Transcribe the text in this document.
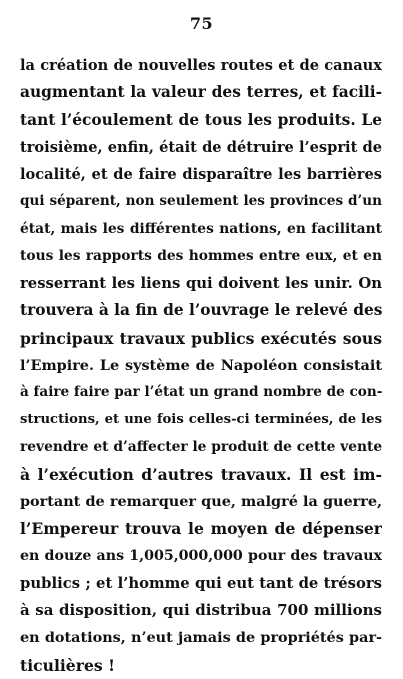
75
la création de nouvelles routes et de canaux
augmentant la valeur des terres, et facili-
tant l’écoulement de tous les produits. Le
troisième, enfin, était de détruire l’esprit de
localité, et de faire disparaître les barrières
qui séparent, non seulement les provinces d’un
état, mais les différentes nations, en facilitant
tous les rapports des hommes entre eux, et en
resserrant les liens qui doivent les unir. On
trouvera à la fin de l’ouvrage le relevé des
principaux travaux publics exécutés sous
l’Empire. Le système de Napoléon consistait
à faire faire par l’état un grand nombre de con-
structions, et une fois celles-ci terminées, de les
revendre et d’affecter le produit de cette vente
à l’exécution d’autres travaux. Il est im-
portant de remarquer que, malgré la guerre,
l’Empereur trouva le moyen de dépenser
en douze ans 1,005,000,000 pour des travaux
publics ; et l’homme qui eut tant de trésors
à sa disposition, qui distribua 700 millions
en dotations, n’eut jamais de propriétés par-
ticulières !
